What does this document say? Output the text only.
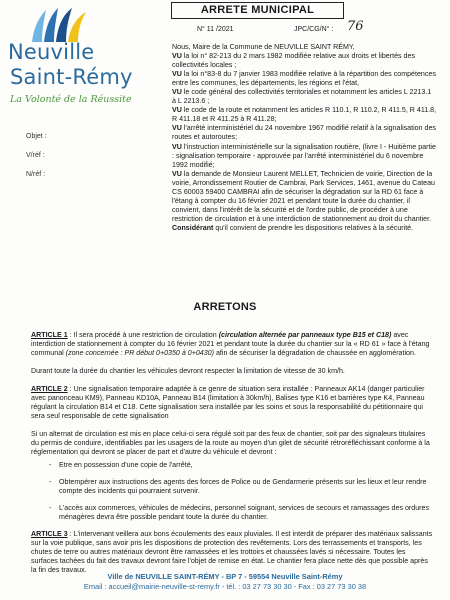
Neuville
Saint-Rémy
La Volonté de la Réussite
Objet :
V/réf :
N/réf :
ARRETE MUNICIPAL
N° 11 /2021	JPC/CG/N° : 76

Nous, Maire de la Commune de NEUVILLE SAINT RÉMY,

VU la loi n° 82-213 du 2 mars 1982 modifiée relative aux droits et libertés des collectivités locales ;

VU la loi n°83-8 du 7 janvier 1983 modifiée relative à la répartition des compétences entre les communes, les départements, les régions et l'état,

VU le code général des collectivités territoriales et notamment les articles L 2213.1 à L 2213.6 ;

VU le code de la route et notamment les articles R 110.1, R 110.2, R 411.5, R 411.8, R 411.18 et R 411.25 à R 411.28;

VU l'arrêté interministériel du 24 novembre 1967 modifié relatif à la signalisation des routes et autoroutes;

VU l'instruction interministérielle sur la signalisation routière, (livre I - Huitième partie : signalisation temporaire - approuvée par l'arrêté interministériel du 6 novembre 1992 modifié;

VU la demande de Monsieur Laurent MELLET, Technicien de voirie, Direction de la voirie, Arrondissement Routier de Cambrai, Park Services, 1461, avenue du Cateau CS 60003 59400 CAMBRAI afin de sécuriser la dégradation sur la RD 61 face à l'étang à compter du 16 février 2021 et pendant toute la durée du chantier, il convient, dans l'intérêt de la sécurité et de l'ordre public, de procéder à une restriction de circulation et à une interdiction de stationnement au droit du chantier.

Considérant qu'il convient de prendre les dispositions relatives à la sécurité.

ARRETONS

ARTICLE 1 : Il sera procédé à une restriction de circulation (circulation alternée par panneaux type B15 et C18) avec interdiction de stationnement à compter du 16 février 2021 et pendant toute la durée du chantier sur la « RD 61 » face à l'étang communal (zone concernée : PR début 0+0350 à 0+0430) afin de sécuriser la dégradation de chaussée en agglomération.

Durant toute la durée du chantier les véhicules devront respecter la limitation de vitesse de 30 km/h.

ARTICLE 2 : Une signalisation temporaire adaptée à ce genre de situation sera installée : Panneaux AK14 (danger particulier avec panonceau KM9), Panneau KD10A, Panneau B14 (limitation à 30km/h), Balises type K16 et barrières type K4, Panneau régulant la circulation B14 et C18. Cette signalisation sera installée par les soins et sous la responsabilité du pétitionnaire qui sera seul responsable de cette signalisation

Si un alternat de circulation est mis en place celui-ci sera régulé soit par des feux de chantier, soit par des signaleurs titulaires du permis de conduire, identifiables par les usagers de la route au moyen d'un gilet de sécurité rétroréfléchissant conforme à la réglementation qui devront se placer de part et d'autre du véhicule et devront :

- Etre en possession d'une copie de l'arrêté,
- Obtempérer aux instructions des agents des forces de Police ou de Gendarmerie présents sur les lieux et leur rendre compte des incidents qui pourraient survenir.
- L'accès aux commerces, véhicules de médecins, personnel soignant, services de secours et ramassages des ordures ménagères devra être possible pendant toute la durée du chantier.

ARTICLE 3 : L'intervenant veillera aux bons écoulements des eaux pluviales. Il est interdit de préparer des matériaux salissants sur la voie publique, sans avoir pris les dispositions de protection des revêtements. Lors des terrassements et transports, les chutes de terre ou autres matériaux devront être ramassées et les trottoirs et chaussées lavés si nécessaire. Toutes les surfaces tachées du fait des travaux devront faire l'objet de remise en état. Le chantier fera place nette dès que possible après la fin des travaux.

Ville de NEUVILLE SAINT-RÉMY - BP 7 - 59554 Neuville Saint-Rémy
Email : accueil@mairie-neuville-st-remy.fr - tél. : 03 27 73 30 30 - Fax : 03 27 73 30 38
